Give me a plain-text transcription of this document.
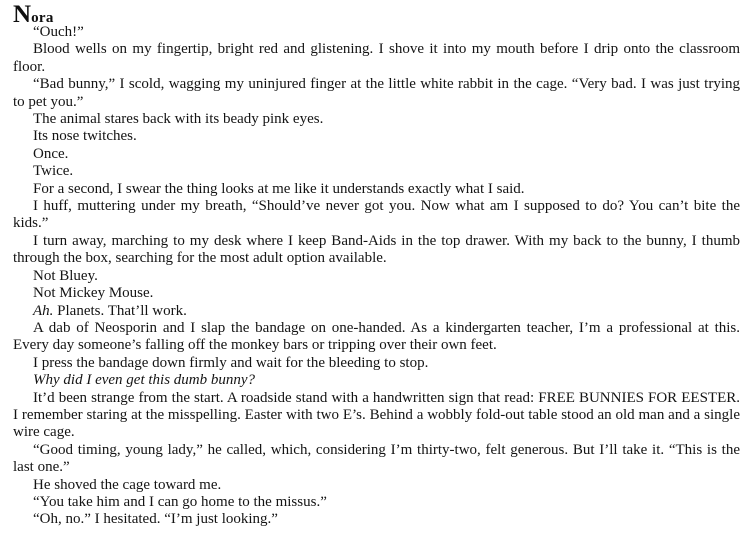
Nora

“Ouch!”

Blood wells on my fingertip, bright red and glistening. I shove it into my mouth before I drip onto the classroom floor.

“Bad bunny,” I scold, wagging my uninjured finger at the little white rabbit in the cage. “Very bad. I was just trying to pet you.”

The animal stares back with its beady pink eyes.

Its nose twitches.

Once.

Twice.

For a second, I swear the thing looks at me like it understands exactly what I said.

I huff, muttering under my breath, “Should’ve never got you. Now what am I supposed to do? You can’t bite the kids.”

I turn away, marching to my desk where I keep Band-Aids in the top drawer. With my back to the bunny, I thumb through the box, searching for the most adult option available.

Not Bluey.

Not Mickey Mouse.

Ah. Planets. That’ll work.

A dab of Neosporin and I slap the bandage on one-handed. As a kindergarten teacher, I’m a professional at this. Every day someone’s falling off the monkey bars or tripping over their own feet.

I press the bandage down firmly and wait for the bleeding to stop.

Why did I even get this dumb bunny?

It’d been strange from the start. A roadside stand with a handwritten sign that read: FREE BUNNIES FOR EESTER. I remember staring at the misspelling. Easter with two E’s. Behind a wobbly fold-out table stood an old man and a single wire cage.

“Good timing, young lady,” he called, which, considering I’m thirty-two, felt generous. But I’ll take it. “This is the last one.”

He shoved the cage toward me.

“You take him and I can go home to the missus.”

“Oh, no.” I hesitated. “I’m just looking.”
